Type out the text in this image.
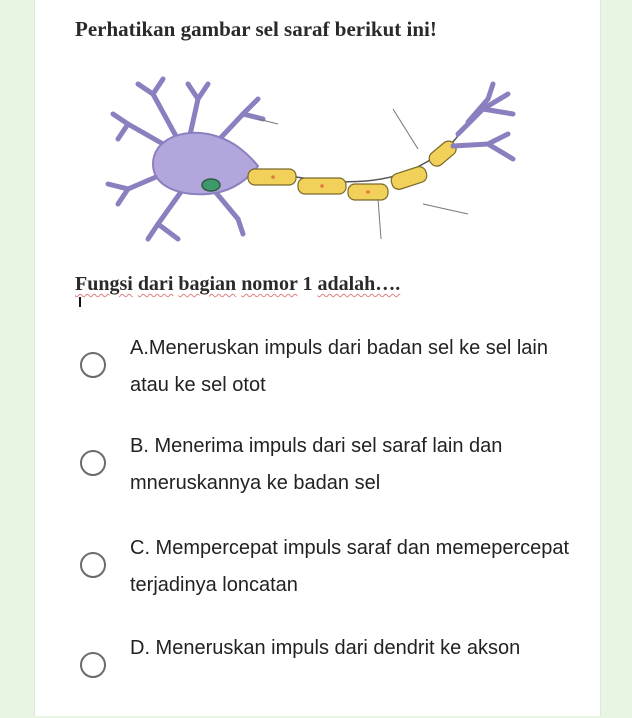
Perhatikan gambar sel saraf berikut ini!
Fungsi dari bagian nomor 1 adalah….
A.Meneruskan impuls dari badan sel ke sel lain atau ke sel otot
B. Menerima impuls dari sel saraf lain dan mneruskannya ke badan sel
C. Mempercepat impuls saraf dan memepercepat terjadinya loncatan
D. Meneruskan impuls dari dendrit ke akson
